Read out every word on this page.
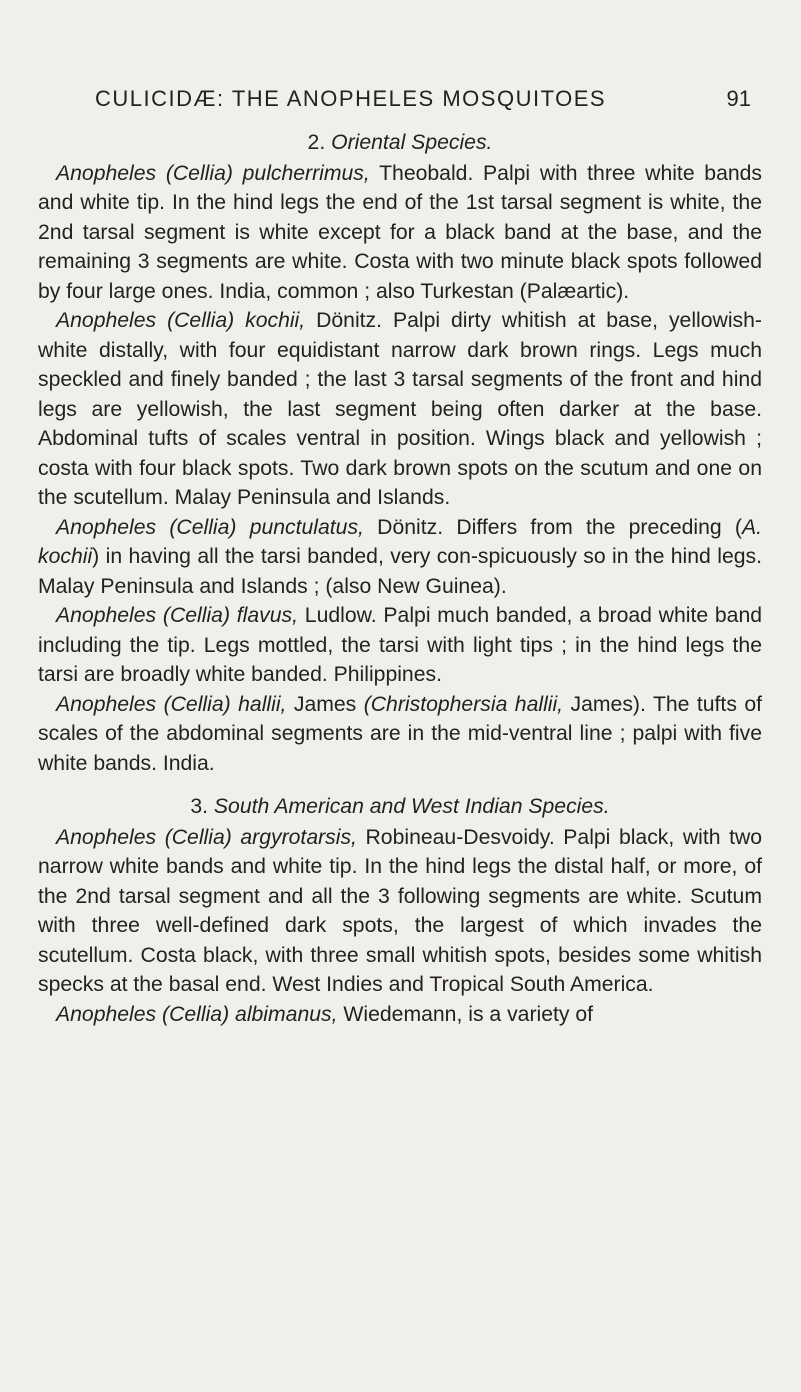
CULICIDÆ: THE ANOPHELES MOSQUITOES	91
2. Oriental Species.

Anopheles (Cellia) pulcherrimus, Theobald. Palpi with three white bands and white tip. In the hind legs the end of the 1st tarsal segment is white, the 2nd tarsal segment is white except for a black band at the base, and the remaining 3 segments are white. Costa with two minute black spots followed by four large ones. India, common ; also Turkestan (Palæartic).

Anopheles (Cellia) kochii, Dönitz. Palpi dirty whitish at base, yellowish-white distally, with four equidistant narrow dark brown rings. Legs much speckled and finely banded ; the last 3 tarsal segments of the front and hind legs are yellowish, the last segment being often darker at the base. Abdominal tufts of scales ventral in position. Wings black and yellowish ; costa with four black spots. Two dark brown spots on the scutum and one on the scutellum. Malay Peninsula and Islands.

Anopheles (Cellia) punctulatus, Dönitz. Differs from the preceding (A. kochii) in having all the tarsi banded, very con-spicuously so in the hind legs. Malay Peninsula and Islands ; (also New Guinea).

Anopheles (Cellia) flavus, Ludlow. Palpi much banded, a broad white band including the tip. Legs mottled, the tarsi with light tips ; in the hind legs the tarsi are broadly white banded. Philippines.

Anopheles (Cellia) hallii, James (Christophersia hallii, James). The tufts of scales of the abdominal segments are in the mid-ventral line ; palpi with five white bands. India.

3. South American and West Indian Species.

Anopheles (Cellia) argyrotarsis, Robineau-Desvoidy. Palpi black, with two narrow white bands and white tip. In the hind legs the distal half, or more, of the 2nd tarsal segment and all the 3 following segments are white. Scutum with three well-defined dark spots, the largest of which invades the scutellum. Costa black, with three small whitish spots, besides some whitish specks at the basal end. West Indies and Tropical South America.

Anopheles (Cellia) albimanus, Wiedemann, is a variety of
